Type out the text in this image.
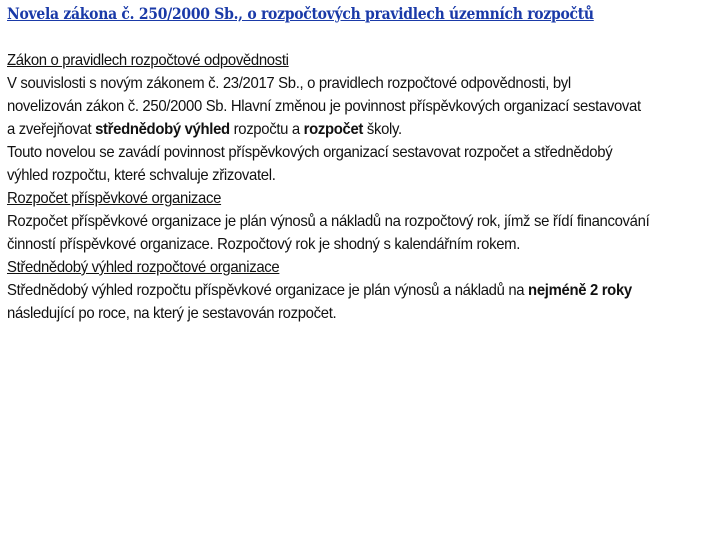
Novela zákona č. 250/2000 Sb., o rozpočtových pravidlech územních rozpočtů
Zákon o pravidlech rozpočtové odpovědnosti
V souvislosti s novým zákonem č. 23/2017 Sb., o pravidlech rozpočtové odpovědnosti, byl
novelizován zákon č. 250/2000 Sb. Hlavní změnou je povinnost příspěvkových organizací sestavovat
a zveřejňovat střednědobý výhled rozpočtu a rozpočet školy.
Touto novelou se zavádí povinnost příspěvkových organizací sestavovat rozpočet a střednědobý
výhled rozpočtu, které schvaluje zřizovatel.
Rozpočet příspěvkové organizace
Rozpočet příspěvkové organizace je plán výnosů a nákladů na rozpočtový rok, jímž se řídí financování
činností příspěvkové organizace. Rozpočtový rok je shodný s kalendářním rokem.
Střednědobý výhled rozpočtové organizace
Střednědobý výhled rozpočtu příspěvkové organizace je plán výnosů a nákladů na nejméně 2 roky
následující po roce, na který je sestavován rozpočet.
